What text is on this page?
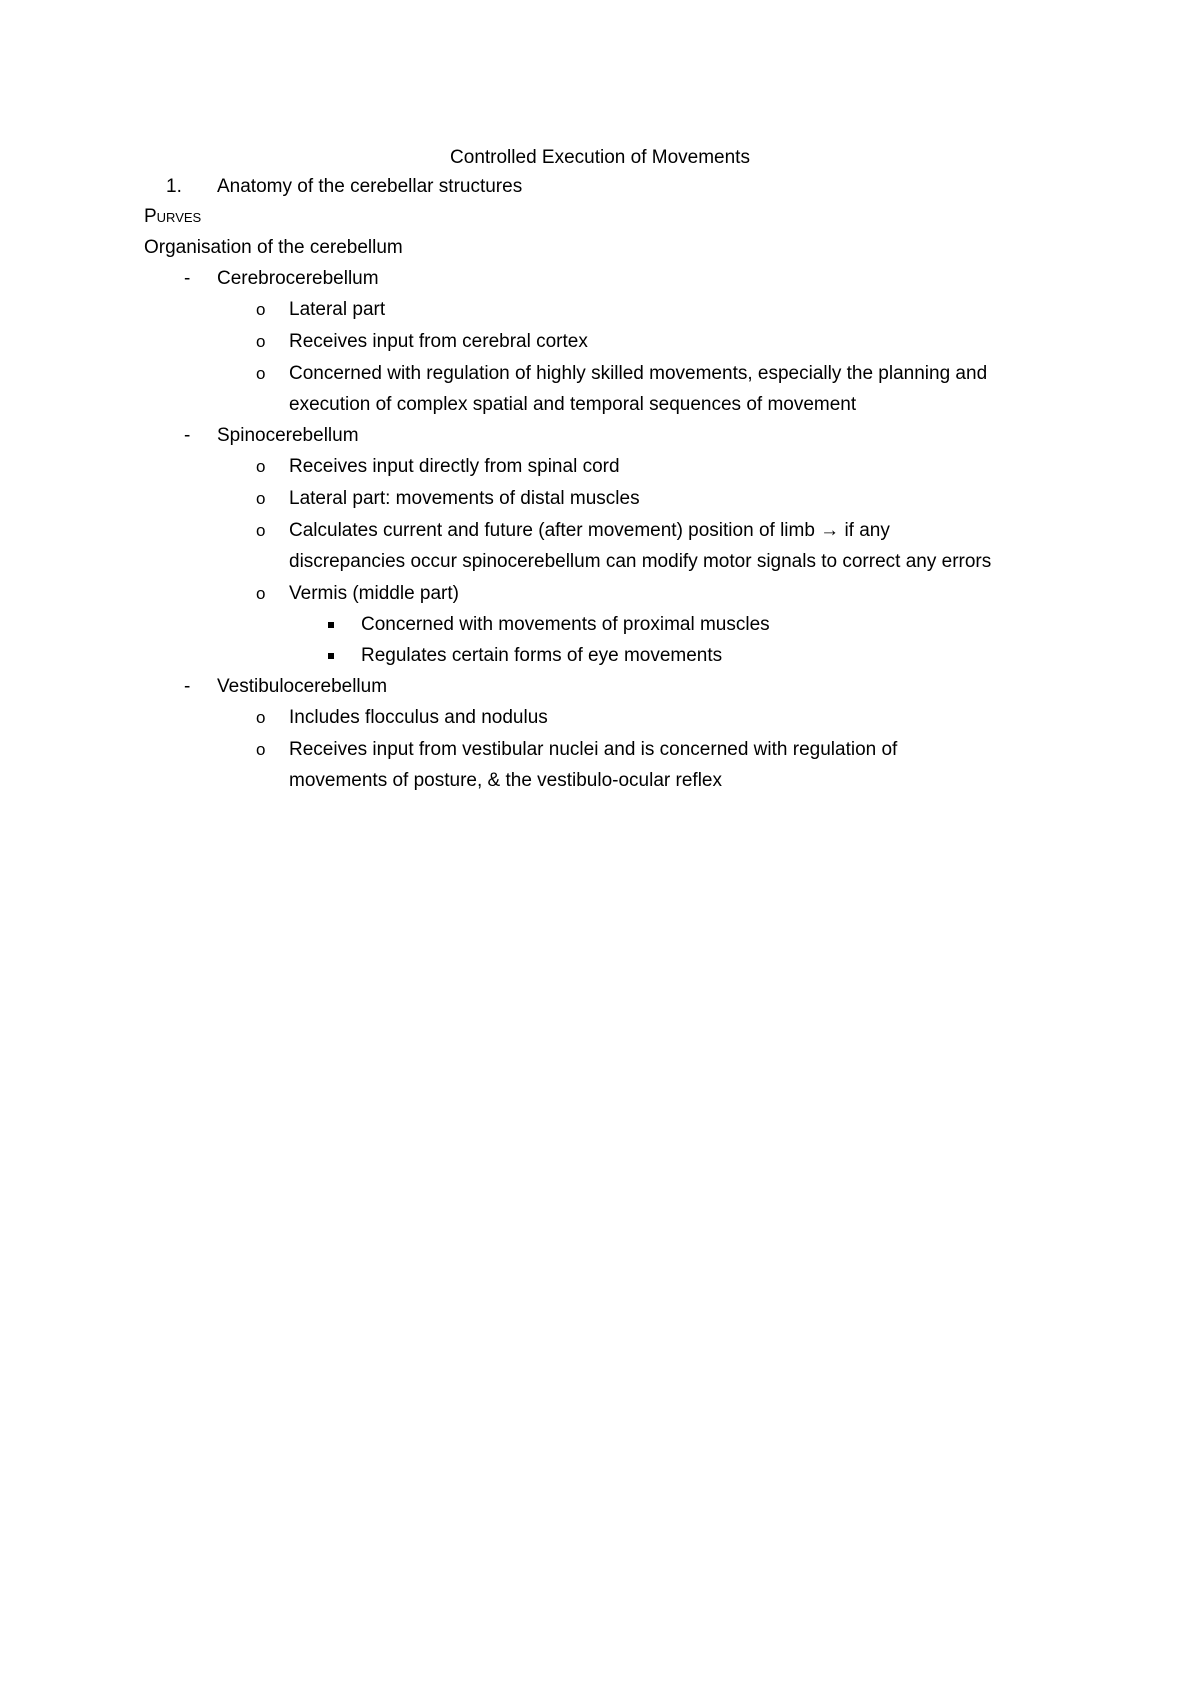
Controlled Execution of Movements
1. Anatomy of the cerebellar structures
Purves
Organisation of the cerebellum
- Cerebrocerebellum
o Lateral part
o Receives input from cerebral cortex
o Concerned with regulation of highly skilled movements, especially the planning and
execution of complex spatial and temporal sequences of movement
- Spinocerebellum
o Receives input directly from spinal cord
o Lateral part: movements of distal muscles
o Calculates current and future (after movement) position of limb → if any
discrepancies occur spinocerebellum can modify motor signals to correct any errors
o Vermis (middle part)
Concerned with movements of proximal muscles
Regulates certain forms of eye movements
- Vestibulocerebellum
o Includes flocculus and nodulus
o Receives input from vestibular nuclei and is concerned with regulation of
movements of posture, & the vestibulo-ocular reflex
